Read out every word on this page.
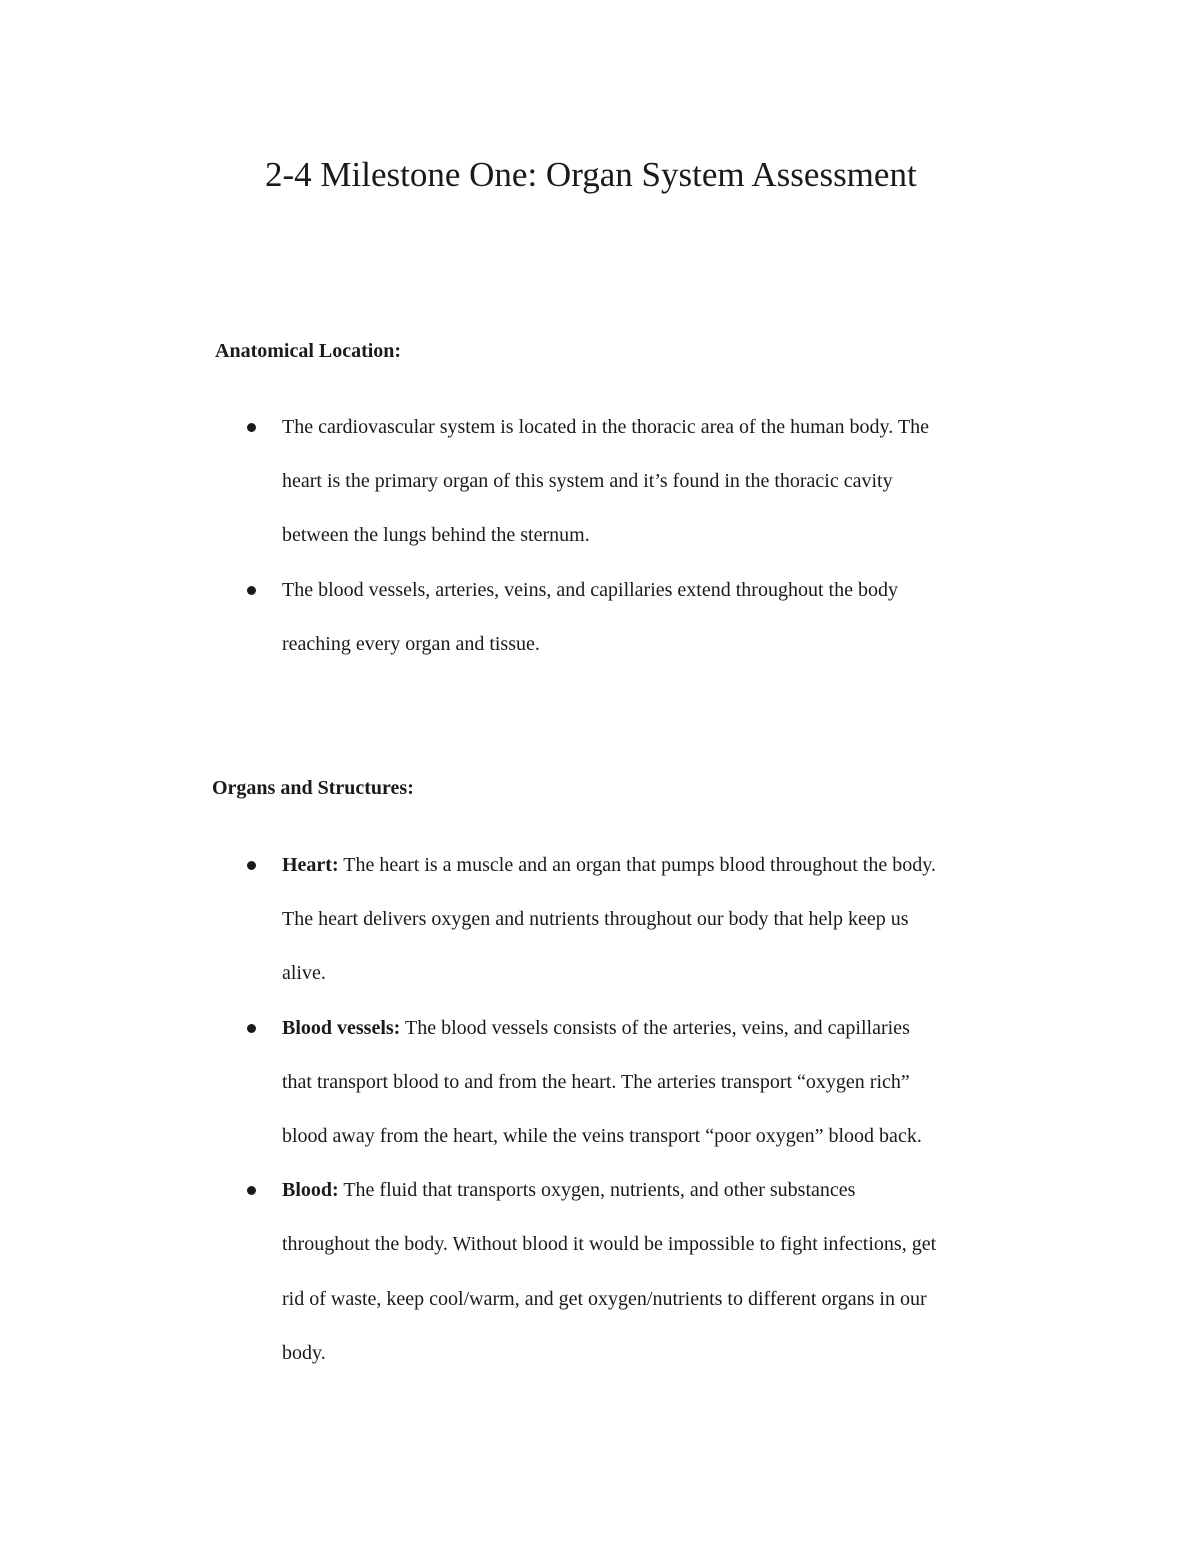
2-4 Milestone One: Organ System Assessment
Anatomical Location:
The cardiovascular system is located in the thoracic area of the human body. The
heart is the primary organ of this system and it’s found in the thoracic cavity
between the lungs behind the sternum.
The blood vessels, arteries, veins, and capillaries extend throughout the body
reaching every organ and tissue.
Organs and Structures:
Heart: The heart is a muscle and an organ that pumps blood throughout the body.
The heart delivers oxygen and nutrients throughout our body that help keep us
alive.
Blood vessels: The blood vessels consists of the arteries, veins, and capillaries
that transport blood to and from the heart. The arteries transport “oxygen rich”
blood away from the heart, while the veins transport “poor oxygen” blood back.
Blood: The fluid that transports oxygen, nutrients, and other substances
throughout the body. Without blood it would be impossible to fight infections, get
rid of waste, keep cool/warm, and get oxygen/nutrients to different organs in our
body.
